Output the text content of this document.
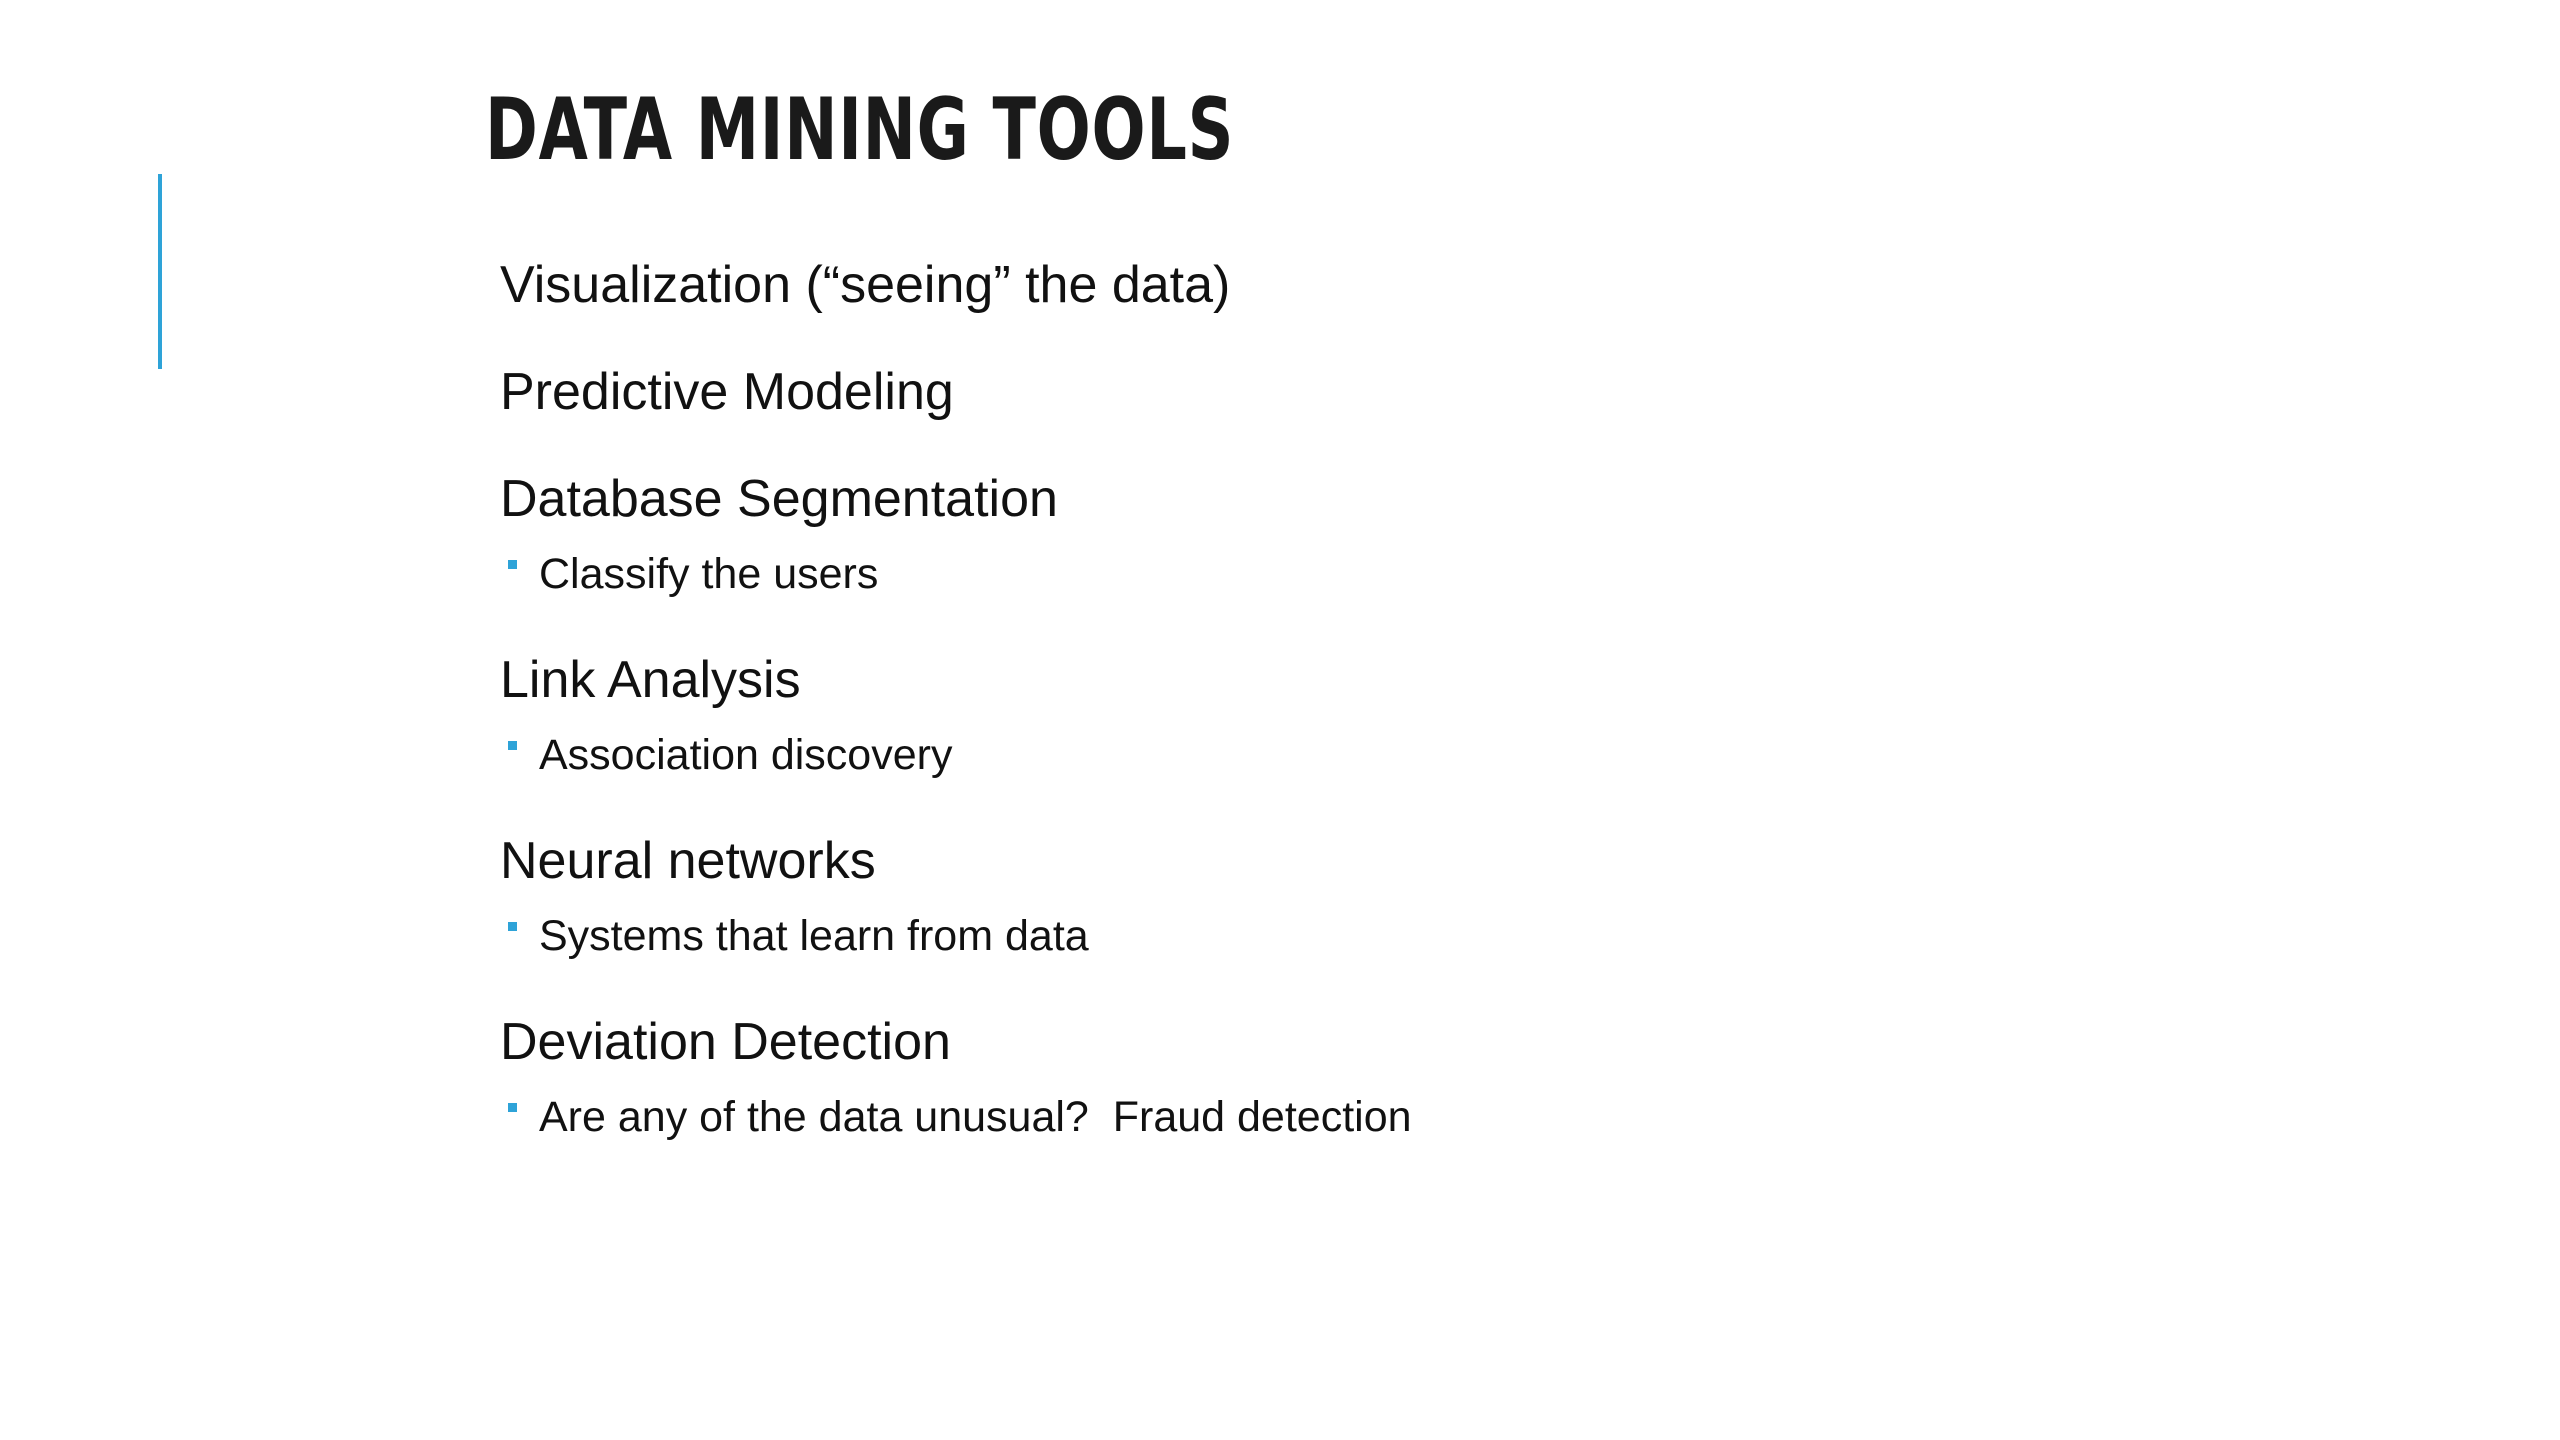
DATA MINING TOOLS
Visualization (“seeing” the data)
Predictive Modeling
Database Segmentation
Classify the users
Link Analysis
Association discovery
Neural networks
Systems that learn from data
Deviation Detection
Are any of the data unusual?  Fraud detection
